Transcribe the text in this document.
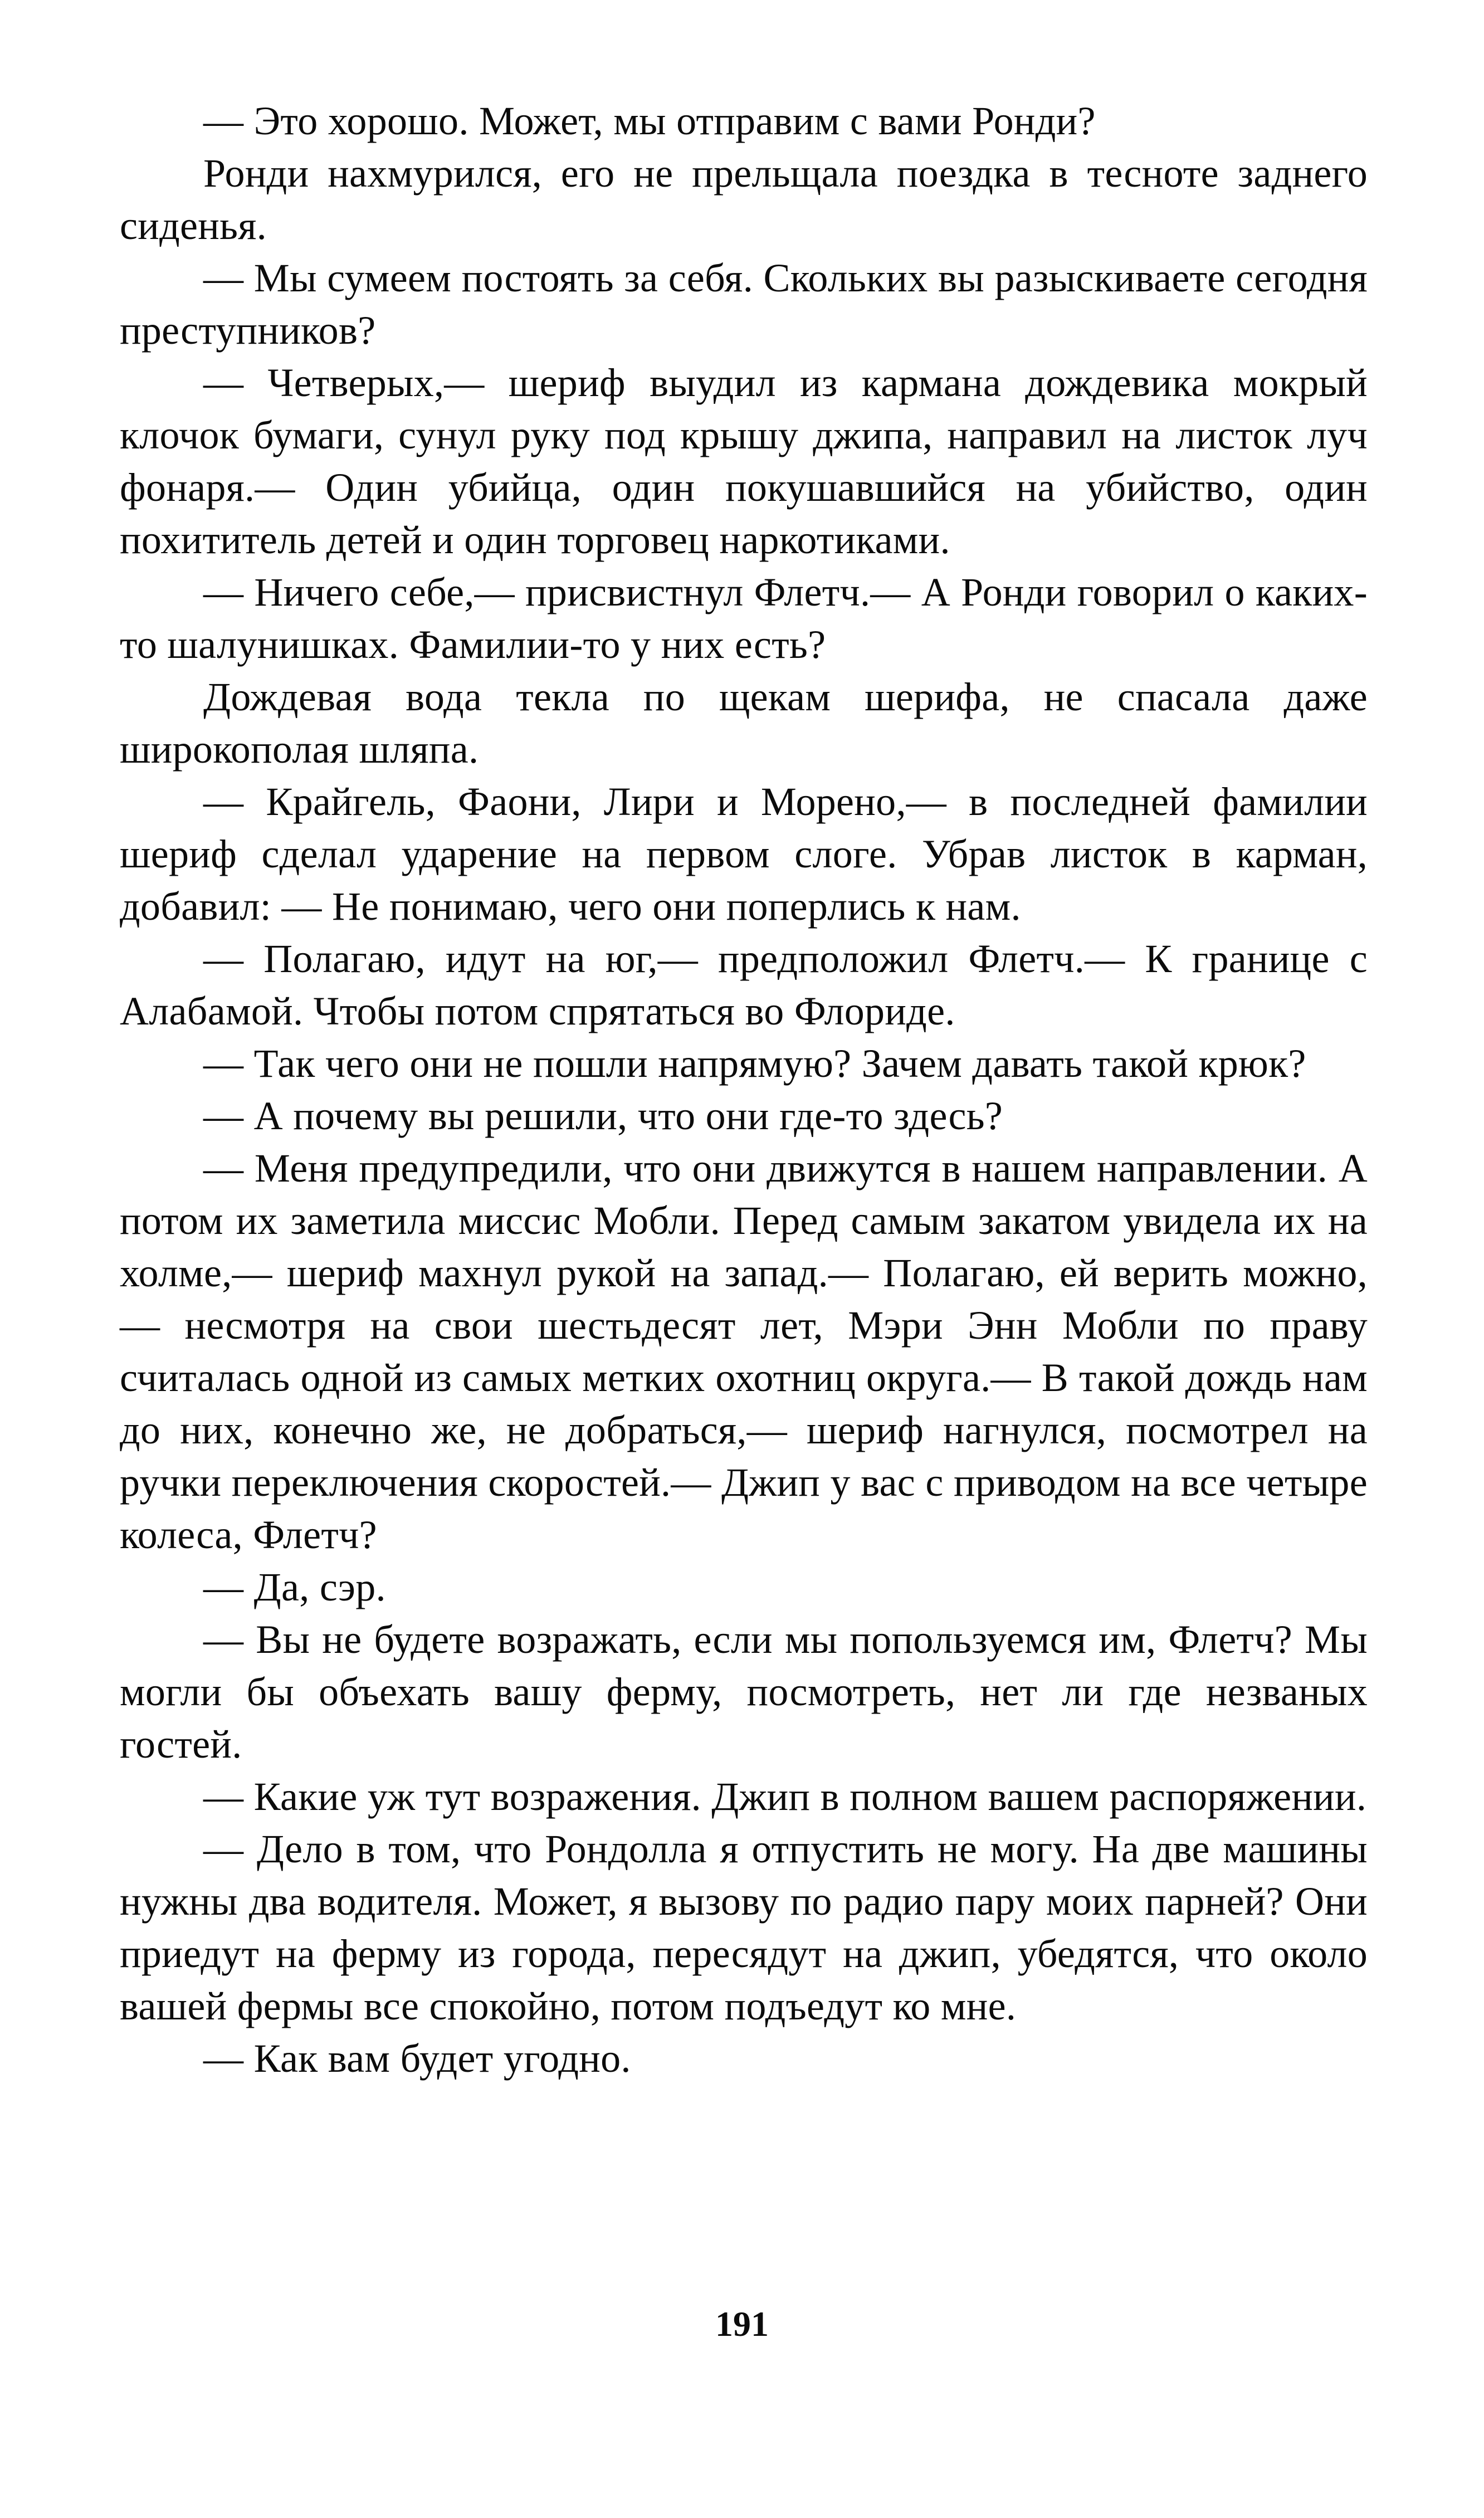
— Это хорошо. Может, мы отправим с вами Ронди?

Ронди нахмурился, его не прельщала поездка в тесноте заднего сиденья.

— Мы сумеем постоять за себя. Скольких вы разыскиваете сегодня преступников?

— Четверых,— шериф выудил из кармана дождевика мокрый клочок бумаги, сунул руку под крышу джипа, направил на листок луч фонаря.— Один убийца, один покушавшийся на убийство, один похититель детей и один торговец наркотиками.

— Ничего себе,— присвистнул Флетч.— А Ронди говорил о каких-то шалунишках. Фамилии-то у них есть?

Дождевая вода текла по щекам шерифа, не спасала даже широкополая шляпа.

— Крайгель, Фаони, Лири и Морено,— в последней фамилии шериф сделал ударение на первом слоге. Убрав листок в карман, добавил: — Не понимаю, чего они поперлись к нам.

— Полагаю, идут на юг,— предположил Флетч.— К границе с Алабамой. Чтобы потом спрятаться во Флориде.

— Так чего они не пошли напрямую? Зачем давать такой крюк?

— А почему вы решили, что они где-то здесь?

— Меня предупредили, что они движутся в нашем направлении. А потом их заметила миссис Мобли. Перед самым закатом увидела их на холме,— шериф махнул рукой на запад.— Полагаю, ей верить можно,— несмотря на свои шестьдесят лет, Мэри Энн Мобли по праву считалась одной из самых метких охотниц округа.— В такой дождь нам до них, конечно же, не добраться,— шериф нагнулся, посмотрел на ручки переключения скоростей.— Джип у вас с приводом на все четыре колеса, Флетч?

— Да, сэр.

— Вы не будете возражать, если мы попользуемся им, Флетч? Мы могли бы объехать вашу ферму, посмотреть, нет ли где незваных гостей.

— Какие уж тут возражения. Джип в полном вашем распоряжении.

— Дело в том, что Рондолла я отпустить не могу. На две машины нужны два водителя. Может, я вызову по радио пару моих парней? Они приедут на ферму из города, пересядут на джип, убедятся, что около вашей фермы все спокойно, потом подъедут ко мне.

— Как вам будет угодно.

191
